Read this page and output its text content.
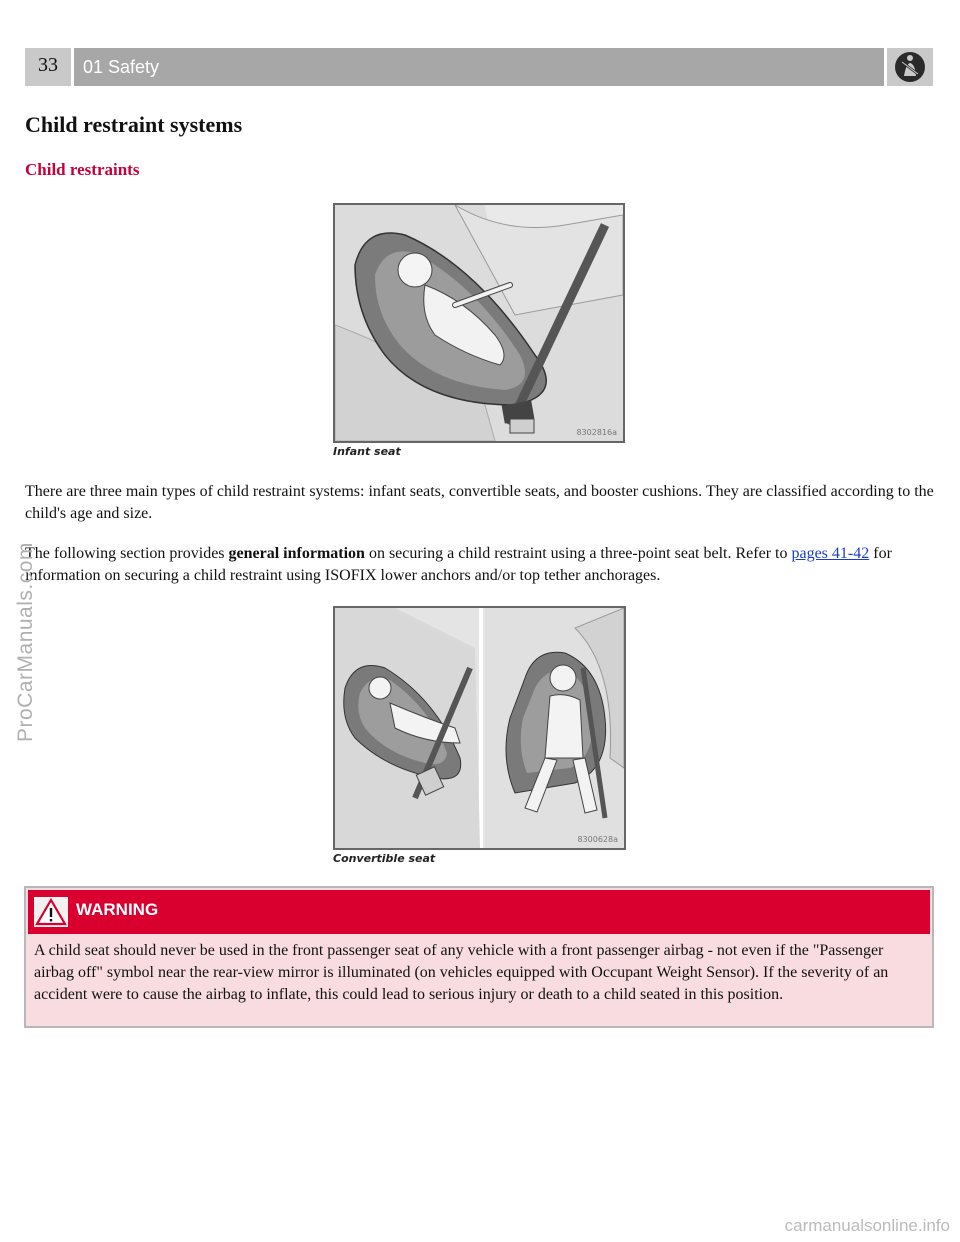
33	01 Safety
Child restraint systems
Child restraints
8302816a
Infant seat

There are three main types of child restraint systems: infant seats, convertible seats, and booster cushions. They are classified according to the child's age and size.

The following section provides general information on securing a child restraint using a three-point seat belt. Refer to pages 41-42 for information on securing a child restraint using ISOFIX lower anchors and/or top tether anchorages.

8300628a
Convertible seat
WARNING
A child seat should never be used in the front passenger seat of any vehicle with a front passenger airbag - not even if the "Passenger airbag off" symbol near the rear-view mirror is illuminated (on vehicles equipped with Occupant Weight Sensor). If the severity of an accident were to cause the airbag to inflate, this could lead to serious injury or death to a child seated in this position.
ProCarManuals.com
carmanualsonline.info
